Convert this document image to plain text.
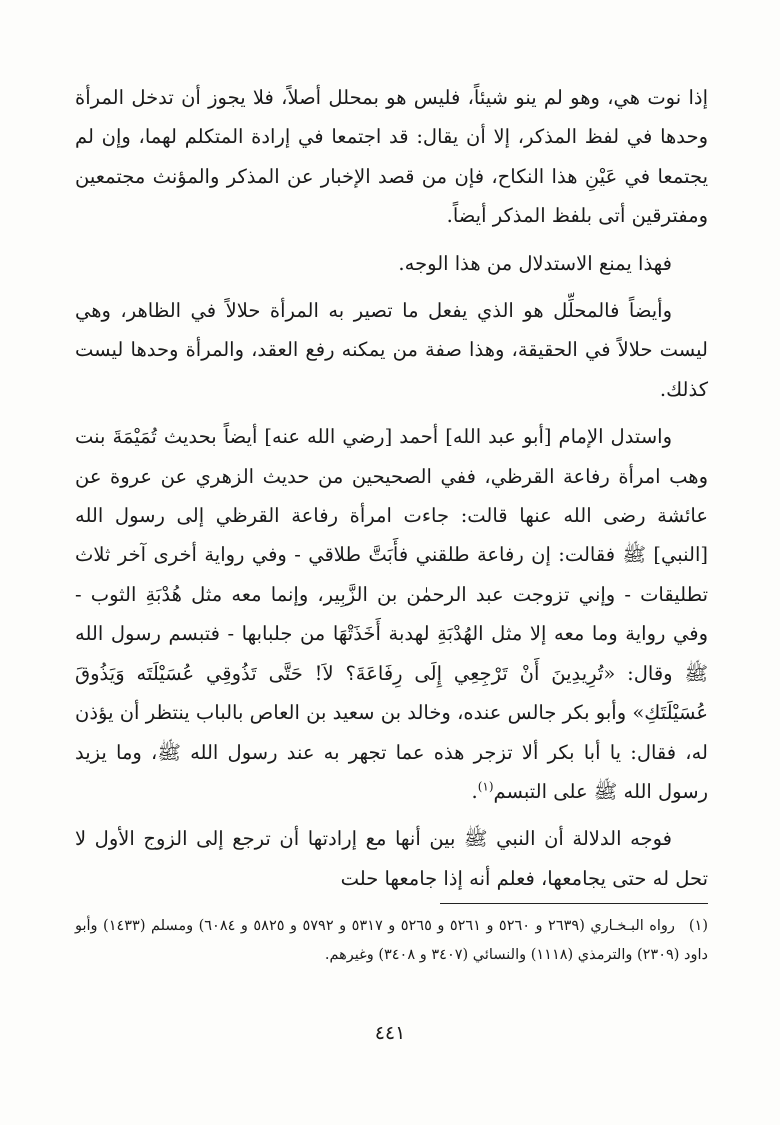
إذا نوت هي، وهو لم ينو شيئاً، فليس هو بمحلل أصلاً، فلا يجوز أن تدخل المرأة وحدها في لفظ المذكر، إلا أن يقال: قد اجتمعا في إرادة المتكلم لهما، وإن لم يجتمعا في عَيْنِ هذا النكاح، فإن من قصد الإخبار عن المذكر والمؤنث مجتمعين ومفترقين أتى بلفظ المذكر أيضاً.

فهذا يمنع الاستدلال من هذا الوجه.

وأيضاً فالمحلِّل هو الذي يفعل ما تصير به المرأة حلالاً في الظاهر، وهي ليست حلالاً في الحقيقة، وهذا صفة من يمكنه رفع العقد، والمرأة وحدها ليست كذلك.

واستدل الإمام [أبو عبد الله] أحمد [رضي الله عنه] أيضاً بحديث تُمَيْمَةَ بنت وهب امرأة رفاعة القرظي، ففي الصحيحين من حديث الزهري عن عروة عن عائشة رضى الله عنها قالت: جاءت امرأة رفاعة القرظي إلى رسول الله [النبي] ﷺ فقالت: إن رفاعة طلقني فأَبَتَّ طلاقي - وفي رواية أخرى آخر ثلاث تطليقات - وإني تزوجت عبد الرحمٰن بن الزَّبِير، وإنما معه مثل هُدْبَةِ الثوب - وفي رواية وما معه إلا مثل الهُدْبَةِ لهدبة أَخَذَتْهَا من جلبابها - فتبسم رسول الله ﷺ وقال: «تُرِيدِينَ أَنْ تَرْجِعِي إِلَى رِفَاعَةَ؟ لاَ! حَتَّى تَذُوقِي عُسَيْلَتَه وَيَذُوقَ عُسَيْلَتَكِ» وأبو بكر جالس عنده، وخالد بن سعيد بن العاص بالباب ينتظر أن يؤذن له، فقال: يا أبا بكر ألا تزجر هذه عما تجهر به عند رسول الله ﷺ، وما يزيد رسول الله ﷺ على التبسم$^{(١)}$.

فوجه الدلالة أن النبي ﷺ بين أنها مع إرادتها أن ترجع إلى الزوج الأول لا تحل له حتى يجامعها، فعلم أنه إذا جامعها حلت

(١)رواه البـخـاري (٢٦٣٩ و ٥٢٦٠ و ٥٢٦١ و ٥٢٦٥ و ٥٣١٧ و ٥٧٩٢ و ٥٨٢٥ و ٦٠٨٤) ومسلم (١٤٣٣) وأبو داود (٢٣٠٩) والترمذي (١١١٨) والنسائي (٣٤٠٧ و ٣٤٠٨) وغيرهم.
٤٤١
